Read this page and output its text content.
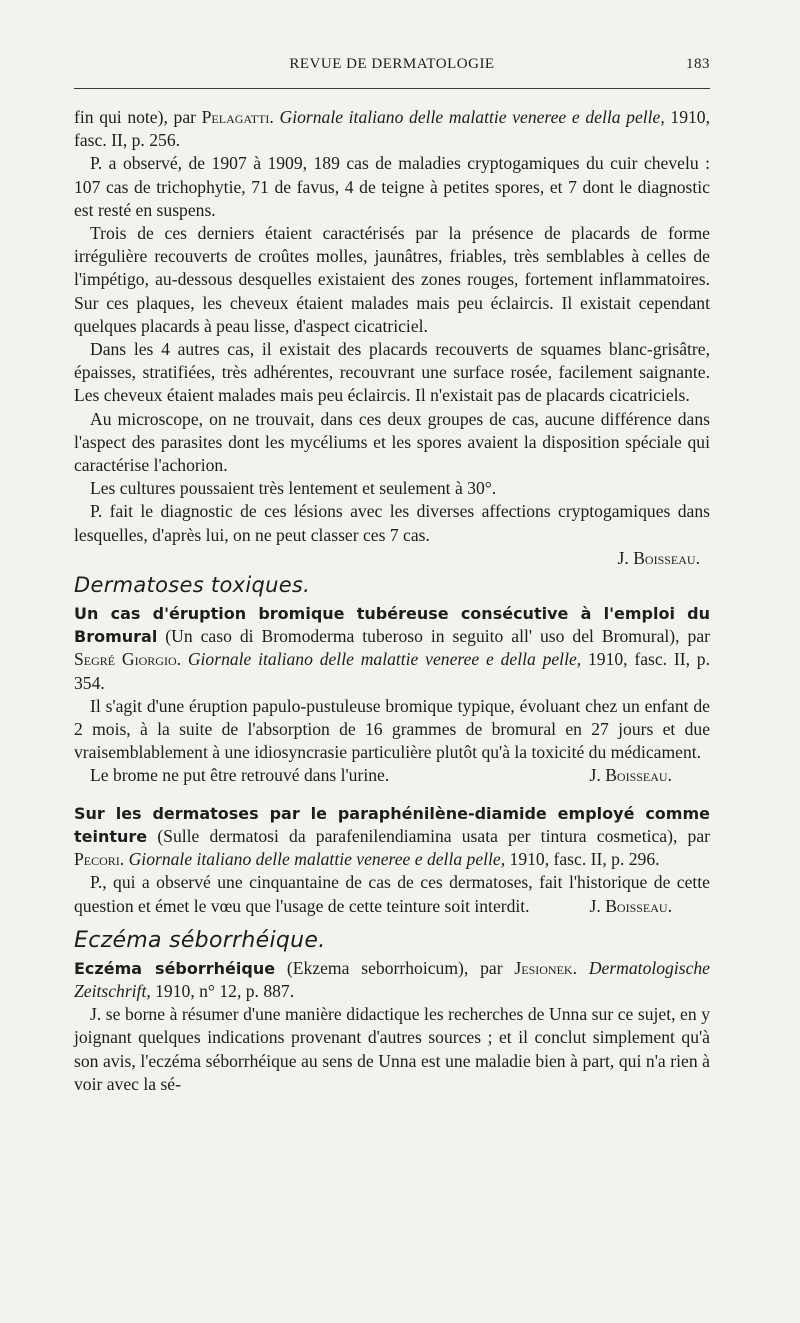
REVUE DE DERMATOLOGIE	183

fin qui note), par Pelagatti. Giornale italiano delle malattie veneree e della pelle, 1910, fasc. II, p. 256.

P. a observé, de 1907 à 1909, 189 cas de maladies cryptogamiques du cuir chevelu : 107 cas de trichophytie, 71 de favus, 4 de teigne à petites spores, et 7 dont le diagnostic est resté en suspens.

Trois de ces derniers étaient caractérisés par la présence de placards de forme irrégulière recouverts de croûtes molles, jaunâtres, friables, très semblables à celles de l'impétigo, au-dessous desquelles existaient des zones rouges, fortement inflammatoires. Sur ces plaques, les cheveux étaient malades mais peu éclaircis. Il existait cependant quelques placards à peau lisse, d'aspect cicatriciel.

Dans les 4 autres cas, il existait des placards recouverts de squames blanc-grisâtre, épaisses, stratifiées, très adhérentes, recouvrant une surface rosée, facilement saignante. Les cheveux étaient malades mais peu éclaircis. Il n'existait pas de placards cicatriciels.

Au microscope, on ne trouvait, dans ces deux groupes de cas, aucune différence dans l'aspect des parasites dont les mycéliums et les spores avaient la disposition spéciale qui caractérise l'achorion.

Les cultures poussaient très lentement et seulement à 30°.

P. fait le diagnostic de ces lésions avec les diverses affections cryptogamiques dans lesquelles, d'après lui, on ne peut classer ces 7 cas.

J. Boisseau.

Dermatoses toxiques.

Un cas d'éruption bromique tubéreuse consécutive à l'emploi du Bromural (Un caso di Bromoderma tuberoso in seguito all' uso del Bromural), par Segré Giorgio. Giornale italiano delle malattie veneree e della pelle, 1910, fasc. II, p. 354.

Il s'agit d'une éruption papulo-pustuleuse bromique typique, évoluant chez un enfant de 2 mois, à la suite de l'absorption de 16 grammes de bromural en 27 jours et due vraisemblablement à une idiosyncrasie particulière plutôt qu'à la toxicité du médicament.

Le brome ne put être retrouvé dans l'urine.	J. Boisseau.

Sur les dermatoses par le paraphénilène-diamide employé comme teinture (Sulle dermatosi da parafenilendiamina usata per tintura cosmetica), par Pecori. Giornale italiano delle malattie veneree e della pelle, 1910, fasc. II, p. 296.

P., qui a observé une cinquantaine de cas de ces dermatoses, fait l'historique de cette question et émet le vœu que l'usage de cette teinture soit interdit.	J. Boisseau.

Eczéma séborrhéique.

Eczéma séborrhéique (Ekzema seborrhoicum), par Jesionek. Dermatologische Zeitschrift, 1910, n° 12, p. 887.

J. se borne à résumer d'une manière didactique les recherches de Unna sur ce sujet, en y joignant quelques indications provenant d'autres sources ; et il conclut simplement qu'à son avis, l'eczéma séborrhéique au sens de Unna est une maladie bien à part, qui n'a rien à voir avec la sé-
